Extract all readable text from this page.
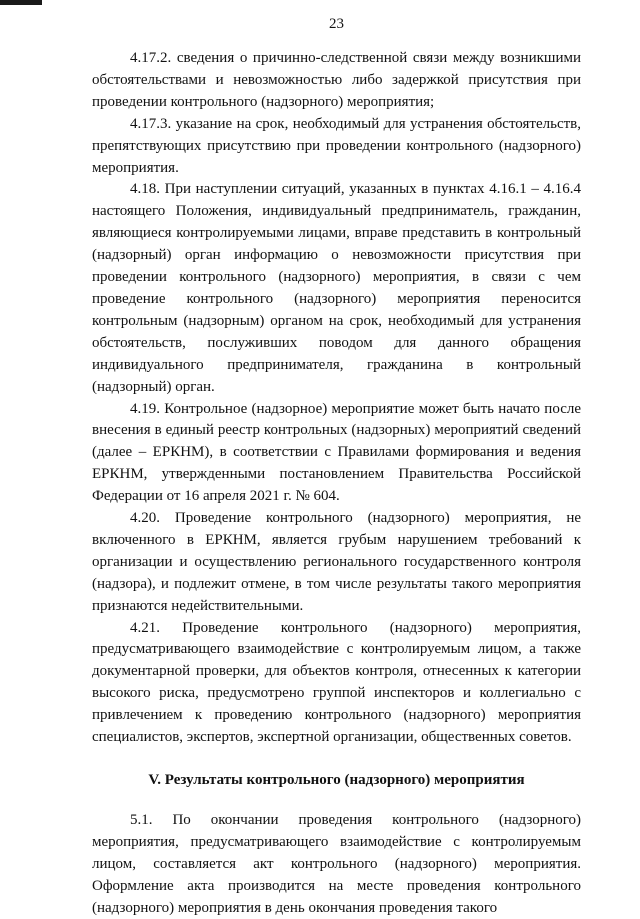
23

4.17.2. сведения о причинно-следственной связи между возникшими обстоятельствами и невозможностью либо задержкой присутствия при проведении контрольного (надзорного) мероприятия;

4.17.3. указание на срок, необходимый для устранения обстоятельств, препятствующих присутствию при проведении контрольного (надзорного) мероприятия.

4.18. При наступлении ситуаций, указанных в пунктах 4.16.1 – 4.16.4 настоящего Положения, индивидуальный предприниматель, гражданин, являющиеся контролируемыми лицами, вправе представить в контрольный (надзорный) орган информацию о невозможности присутствия при проведении контрольного (надзорного) мероприятия, в связи с чем проведение контрольного (надзорного) мероприятия переносится контрольным (надзорным) органом на срок, необходимый для устранения обстоятельств, послуживших поводом для данного обращения индивидуального предпринимателя, гражданина в контрольный (надзорный) орган.

4.19. Контрольное (надзорное) мероприятие может быть начато после внесения в единый реестр контрольных (надзорных) мероприятий сведений (далее – ЕРКНМ), в соответствии с Правилами формирования и ведения ЕРКНМ, утвержденными постановлением Правительства Российской Федерации от 16 апреля 2021 г. № 604.

4.20. Проведение контрольного (надзорного) мероприятия, не включенного в ЕРКНМ, является грубым нарушением требований к организации и осуществлению регионального государственного контроля (надзора), и подлежит отмене, в том числе результаты такого мероприятия признаются недействительными.

4.21. Проведение контрольного (надзорного) мероприятия, предусматривающего взаимодействие с контролируемым лицом, а также документарной проверки, для объектов контроля, отнесенных к категории высокого риска, предусмотрено группой инспекторов и коллегиально с привлечением к проведению контрольного (надзорного) мероприятия специалистов, экспертов, экспертной организации, общественных советов.

V. Результаты контрольного (надзорного) мероприятия

5.1. По окончании проведения контрольного (надзорного) мероприятия, предусматривающего взаимодействие с контролируемым лицом, составляется акт контрольного (надзорного) мероприятия. Оформление акта производится на месте проведения контрольного (надзорного) мероприятия в день окончания проведения такого
